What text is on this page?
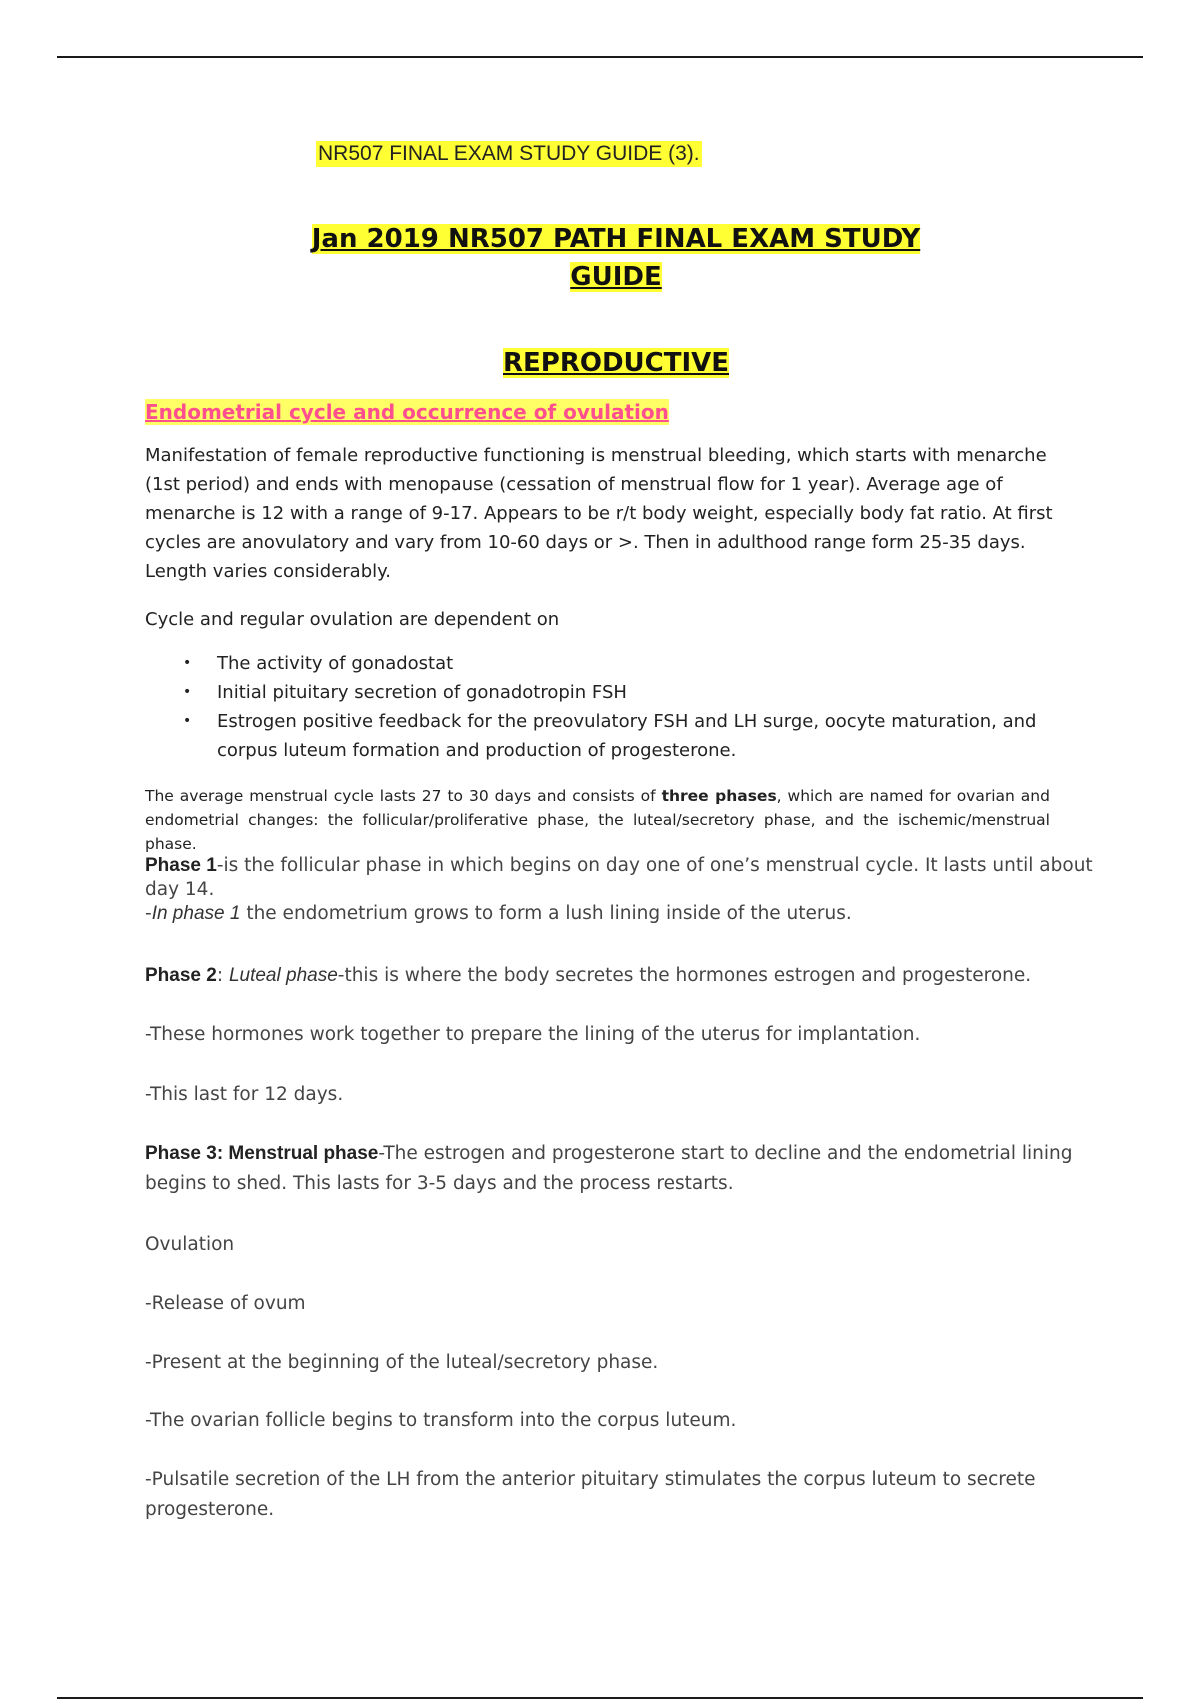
NR507 FINAL EXAM STUDY GUIDE (3).
Jan 2019 NR507 PATH FINAL EXAM STUDY
GUIDE
REPRODUCTIVE
Endometrial cycle and occurrence of ovulation
Manifestation of female reproductive functioning is menstrual bleeding, which starts with menarche (1st period) and ends with menopause (cessation of menstrual flow for 1 year). Average age of menarche is 12 with a range of 9-17. Appears to be r/t body weight, especially body fat ratio. At first cycles are anovulatory and vary from 10-60 days or >. Then in adulthood range form 25-35 days. Length varies considerably.
Cycle and regular ovulation are dependent on
• The activity of gonadostat
• Initial pituitary secretion of gonadotropin FSH
• Estrogen positive feedback for the preovulatory FSH and LH surge, oocyte maturation, and corpus luteum formation and production of progesterone.
The average menstrual cycle lasts 27 to 30 days and consists of three phases, which are named for ovarian and endometrial changes: the follicular/proliferative phase, the luteal/secretory phase, and the ischemic/menstrual phase.
Phase 1-is the follicular phase in which begins on day one of one’s menstrual cycle. It lasts until about day 14.
-In phase 1 the endometrium grows to form a lush lining inside of the uterus.
Phase 2: Luteal phase-this is where the body secretes the hormones estrogen and progesterone.
-These hormones work together to prepare the lining of the uterus for implantation.
-This last for 12 days.
Phase 3: Menstrual phase-The estrogen and progesterone start to decline and the endometrial lining begins to shed. This lasts for 3-5 days and the process restarts.
Ovulation
-Release of ovum
-Present at the beginning of the luteal/secretory phase.
-The ovarian follicle begins to transform into the corpus luteum.
-Pulsatile secretion of the LH from the anterior pituitary stimulates the corpus luteum to secrete progesterone.
